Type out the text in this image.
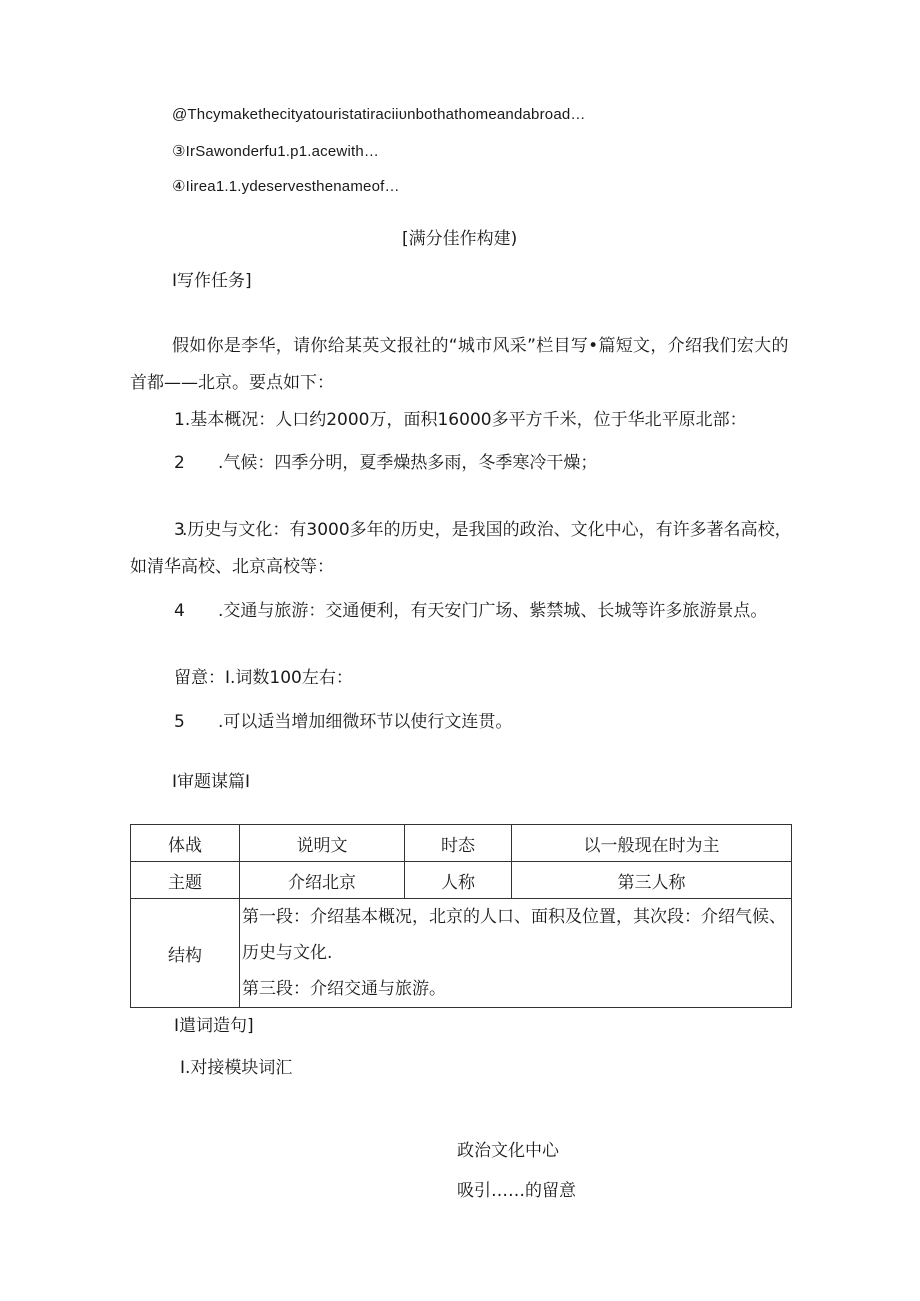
@Thcymakethecityatouristatiraciiυnbothathomeandabroad…
③IrSawonderfu1.p1.acewith…
④Iirea1.1.ydeservesthenameof…
[满分佳作构建)
I写作任务]
假如你是李华，请你给某英文报社的“城市风采”栏目写•篇短文，介绍我们宏大的
首都——北京。要点如下：
1.基本概况：人口约2000万，面积16000多平方千米，位于华北平原北部：
2 .气候：四季分明，夏季燥热多雨，冬季寒冷干燥；
3.历史与文化：有3000多年的历史，是我国的政治、文化中心，有许多著名高校，
如清华高校、北京高校等：
4 .交通与旅游：交通便利，有天安门广场、紫禁城、长城等许多旅游景点。
留意：I.词数100左右：
5 .可以适当增加细微环节以使行文连贯。
I审题谋篇I
体战	说明文	时态	以一般现在时为主
主题	介绍北京	人称	第三人称
结构	第一段：介绍基本概况，北京的人口、面积及位置，其次段：介绍气候、
历史与文化.
第三段：介绍交通与旅游。		
I遣词造句]
I.对接模块词汇
政治文化中心
吸引……的留意
